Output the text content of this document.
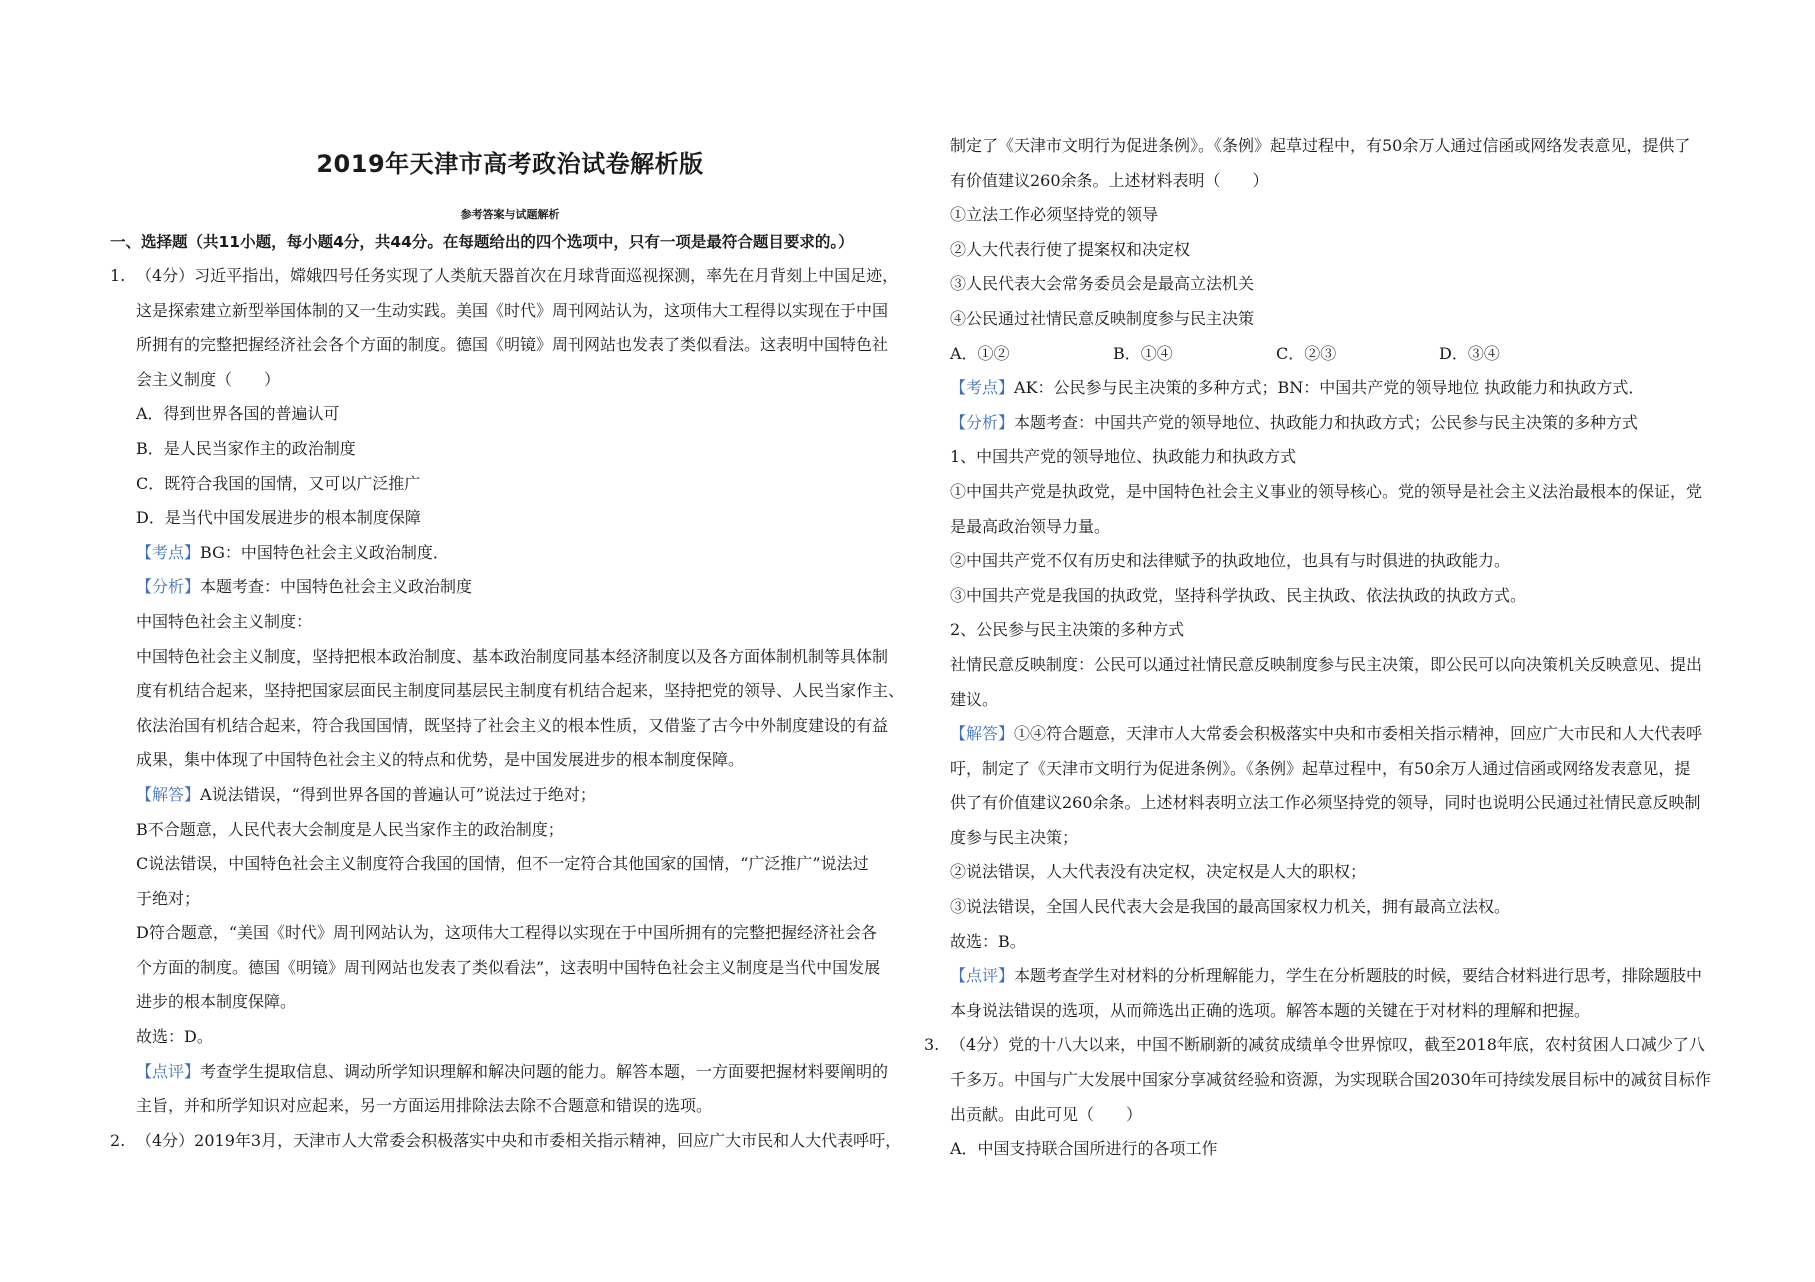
2019年天津市高考政治试卷解析版
参考答案与试题解析
一、选择题（共11小题，每小题4分，共44分。在每题给出的四个选项中，只有一项是最符合题目要求的。）
1. （4分）习近平指出，嫦娥四号任务实现了人类航天器首次在月球背面巡视探测，率先在月背刻上中国足迹，
这是探索建立新型举国体制的又一生动实践。美国《时代》周刊网站认为，这项伟大工程得以实现在于中国
所拥有的完整把握经济社会各个方面的制度。德国《明镜》周刊网站也发表了类似看法。这表明中国特色社
会主义制度（　　）
A．得到世界各国的普遍认可
B．是人民当家作主的政治制度
C．既符合我国的国情，又可以广泛推广
D．是当代中国发展进步的根本制度保障
【考点】BG：中国特色社会主义政治制度．
【分析】本题考查：中国特色社会主义政治制度
中国特色社会主义制度：
中国特色社会主义制度，坚持把根本政治制度、基本政治制度同基本经济制度以及各方面体制机制等具体制
度有机结合起来，坚持把国家层面民主制度同基层民主制度有机结合起来，坚持把党的领导、人民当家作主、
依法治国有机结合起来，符合我国国情，既坚持了社会主义的根本性质，又借鉴了古今中外制度建设的有益
成果，集中体现了中国特色社会主义的特点和优势，是中国发展进步的根本制度保障。
【解答】A说法错误，“得到世界各国的普遍认可”说法过于绝对；
B不合题意，人民代表大会制度是人民当家作主的政治制度；
C说法错误，中国特色社会主义制度符合我国的国情，但不一定符合其他国家的国情，“广泛推广”说法过
于绝对；
D符合题意，“美国《时代》周刊网站认为，这项伟大工程得以实现在于中国所拥有的完整把握经济社会各
个方面的制度。德国《明镜》周刊网站也发表了类似看法”，这表明中国特色社会主义制度是当代中国发展
进步的根本制度保障。
故选：D。
【点评】考查学生提取信息、调动所学知识理解和解决问题的能力。解答本题，一方面要把握材料要阐明的
主旨，并和所学知识对应起来，另一方面运用排除法去除不合题意和错误的选项。
2. （4分）2019年3月，天津市人大常委会积极落实中央和市委相关指示精神，回应广大市民和人大代表呼吁，
制定了《天津市文明行为促进条例》。《条例》起草过程中，有50余万人通过信函或网络发表意见，提供了
有价值建议260余条。上述材料表明（　　）
①立法工作必须坚持党的领导
②人大代表行使了提案权和决定权
③人民代表大会常务委员会是最高立法机关
④公民通过社情民意反映制度参与民主决策
A．①②	B．①④	C．②③	D．③④
【考点】AK：公民参与民主决策的多种方式；BN：中国共产党的领导地位 执政能力和执政方式．
【分析】本题考查：中国共产党的领导地位、执政能力和执政方式；公民参与民主决策的多种方式
1、中国共产党的领导地位、执政能力和执政方式
①中国共产党是执政党，是中国特色社会主义事业的领导核心。党的领导是社会主义法治最根本的保证，党
是最高政治领导力量。
②中国共产党不仅有历史和法律赋予的执政地位，也具有与时俱进的执政能力。
③中国共产党是我国的执政党，坚持科学执政、民主执政、依法执政的执政方式。
2、公民参与民主决策的多种方式
社情民意反映制度：公民可以通过社情民意反映制度参与民主决策，即公民可以向决策机关反映意见、提出
建议。
【解答】①④符合题意，天津市人大常委会积极落实中央和市委相关指示精神，回应广大市民和人大代表呼
吁，制定了《天津市文明行为促进条例》。《条例》起草过程中，有50余万人通过信函或网络发表意见，提
供了有价值建议260余条。上述材料表明立法工作必须坚持党的领导，同时也说明公民通过社情民意反映制
度参与民主决策；
②说法错误，人大代表没有决定权，决定权是人大的职权；
③说法错误，全国人民代表大会是我国的最高国家权力机关，拥有最高立法权。
故选：B。
【点评】本题考查学生对材料的分析理解能力，学生在分析题肢的时候，要结合材料进行思考，排除题肢中
本身说法错误的选项，从而筛选出正确的选项。解答本题的关键在于对材料的理解和把握。
3. （4分）党的十八大以来，中国不断刷新的减贫成绩单令世界惊叹，截至2018年底，农村贫困人口减少了八
千多万。中国与广大发展中国家分享减贫经验和资源，为实现联合国2030年可持续发展目标中的减贫目标作
出贡献。由此可见（　　）
A．中国支持联合国所进行的各项工作
